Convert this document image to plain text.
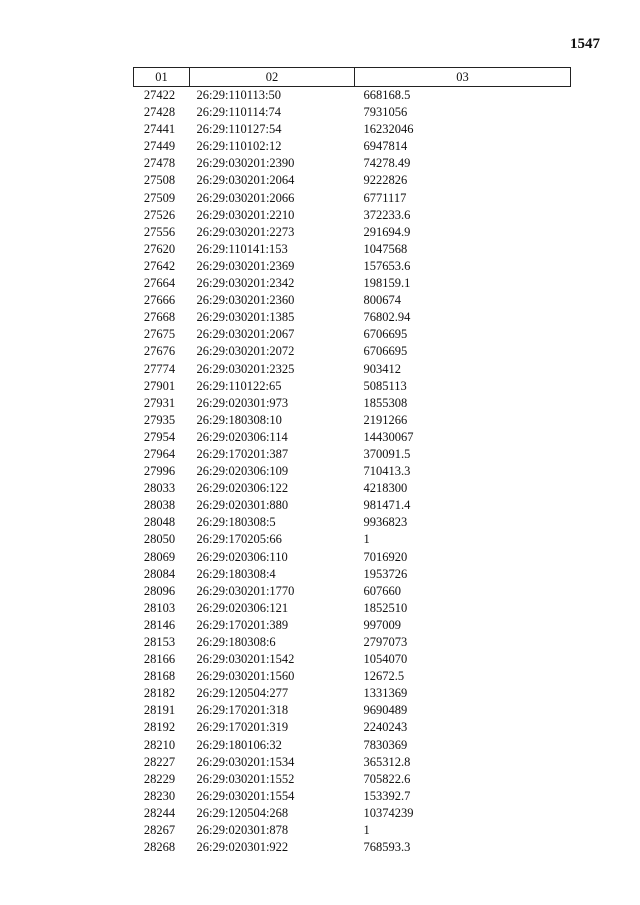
1547
01	02	03
27422	26:29:110113:50	668168.5
27428	26:29:110114:74	7931056
27441	26:29:110127:54	16232046
27449	26:29:110102:12	6947814
27478	26:29:030201:2390	74278.49
27508	26:29:030201:2064	9222826
27509	26:29:030201:2066	6771117
27526	26:29:030201:2210	372233.6
27556	26:29:030201:2273	291694.9
27620	26:29:110141:153	1047568
27642	26:29:030201:2369	157653.6
27664	26:29:030201:2342	198159.1
27666	26:29:030201:2360	800674
27668	26:29:030201:1385	76802.94
27675	26:29:030201:2067	6706695
27676	26:29:030201:2072	6706695
27774	26:29:030201:2325	903412
27901	26:29:110122:65	5085113
27931	26:29:020301:973	1855308
27935	26:29:180308:10	2191266
27954	26:29:020306:114	14430067
27964	26:29:170201:387	370091.5
27996	26:29:020306:109	710413.3
28033	26:29:020306:122	4218300
28038	26:29:020301:880	981471.4
28048	26:29:180308:5	9936823
28050	26:29:170205:66	1
28069	26:29:020306:110	7016920
28084	26:29:180308:4	1953726
28096	26:29:030201:1770	607660
28103	26:29:020306:121	1852510
28146	26:29:170201:389	997009
28153	26:29:180308:6	2797073
28166	26:29:030201:1542	1054070
28168	26:29:030201:1560	12672.5
28182	26:29:120504:277	1331369
28191	26:29:170201:318	9690489
28192	26:29:170201:319	2240243
28210	26:29:180106:32	7830369
28227	26:29:030201:1534	365312.8
28229	26:29:030201:1552	705822.6
28230	26:29:030201:1554	153392.7
28244	26:29:120504:268	10374239
28267	26:29:020301:878	1
28268	26:29:020301:922	768593.3
